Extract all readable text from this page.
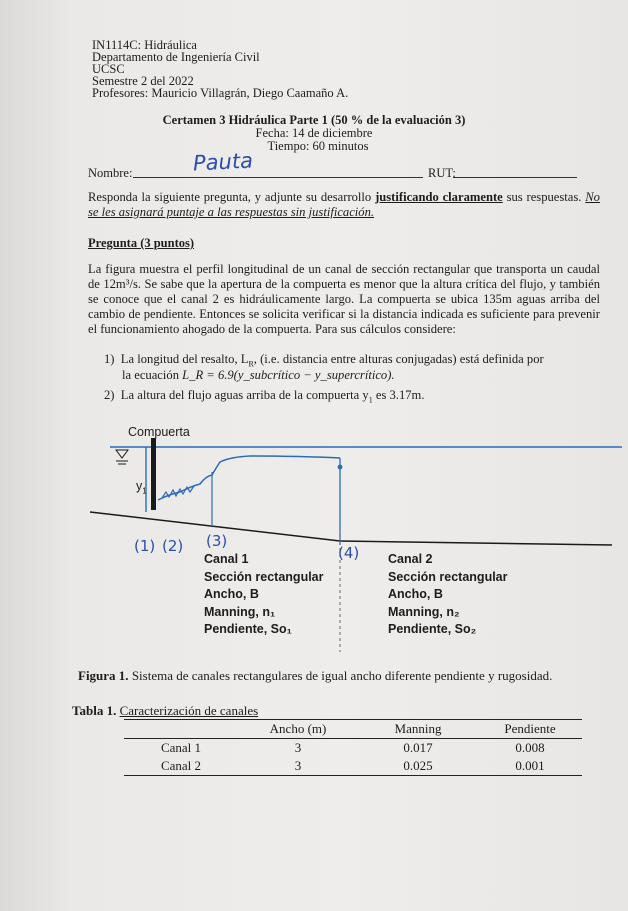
IN1114C: Hidráulica
Departamento de Ingeniería Civil
UCSC
Semestre 2 del 2022
Profesores: Mauricio Villagrán, Diego Caamaño A.
Certamen 3 Hidráulica Parte 1 (50 % de la evaluación 3)
Fecha: 14 de diciembre
Tiempo: 60 minutos
Nombre:	Pauta	RUT:
Responda la siguiente pregunta, y adjunte su desarrollo justificando claramente sus respuestas. No se les asignará puntaje a las respuestas sin justificación.
Pregunta (3 puntos)
La figura muestra el perfil longitudinal de un canal de sección rectangular que transporta un caudal de 12m³/s. Se sabe que la apertura de la compuerta es menor que la altura crítica del flujo, y también se conoce que el canal 2 es hidráulicamente largo. La compuerta se ubica 135m aguas arriba del cambio de pendiente. Entonces se solicita verificar si la distancia indicada es suficiente para prevenir el funcionamiento ahogado de la compuerta. Para sus cálculos considere:
1) La longitud del resalto, $L_R$, (i.e. distancia entre alturas conjugadas) está definida por
la ecuación L_R = 6.9(y_subcrítico − y_supercrítico).
2) La altura del flujo aguas arriba de la compuerta $y_1$ es 3.17m.
Compuerta
$y_1$
(1) (2) (3)
(4)
Canal 1
Sección rectangular
Ancho, B
Manning, n₁
Pendiente, So₁
Canal 2
Sección rectangular
Ancho, B
Manning, n₂
Pendiente, So₂
Figura 1. Sistema de canales rectangulares de igual ancho diferente pendiente y rugosidad.
Tabla 1. Caracterización de canales
	Ancho (m)	Manning	Pendiente
Canal 1	3	0.017	0.008
Canal 2	3	0.025	0.001
